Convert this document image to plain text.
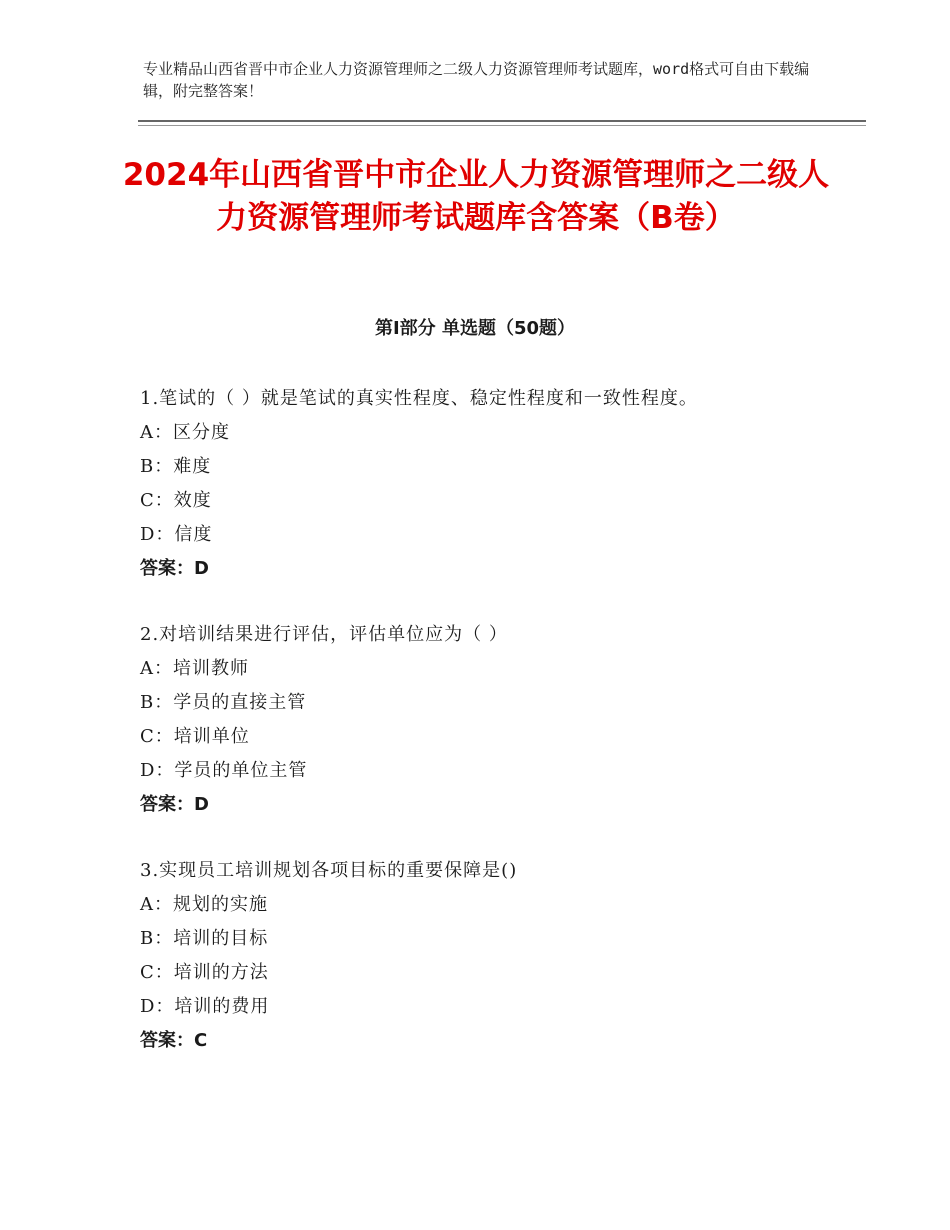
专业精品山西省晋中市企业人力资源管理师之二级人力资源管理师考试题库，word格式可自由下载编辑，附完整答案！
2024年山西省晋中市企业人力资源管理师之二级人力资源管理师考试题库含答案（B卷）
第Ⅰ部分 单选题（50题）
1.笔试的（ ）就是笔试的真实性程度、稳定性程度和一致性程度。
A：区分度
B：难度
C：效度
D：信度
答案：D
2.对培训结果进行评估，评估单位应为（ ）
A：培训教师
B：学员的直接主管
C：培训单位
D：学员的单位主管
答案：D
3.实现员工培训规划各项目标的重要保障是()
A：规划的实施
B：培训的目标
C：培训的方法
D：培训的费用
答案：C
